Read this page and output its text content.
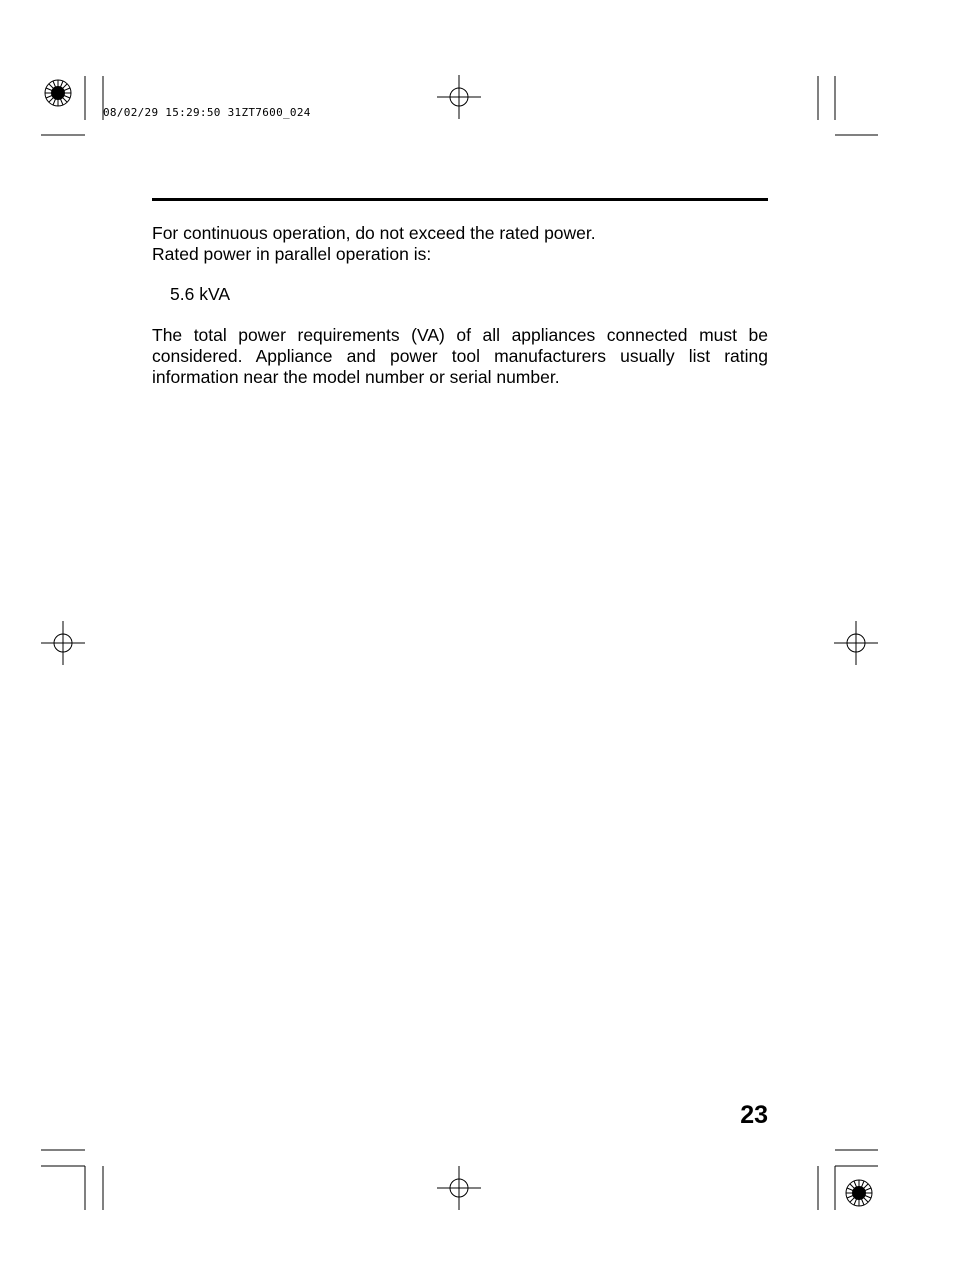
08/02/29 15:29:50 31ZT7600_024
For continuous operation, do not exceed the rated power.
Rated power in parallel operation is:
5.6 kVA
The total power requirements (VA) of all appliances connected must be considered. Appliance and power tool manufacturers usually list rating information near the model number or serial number.
23
